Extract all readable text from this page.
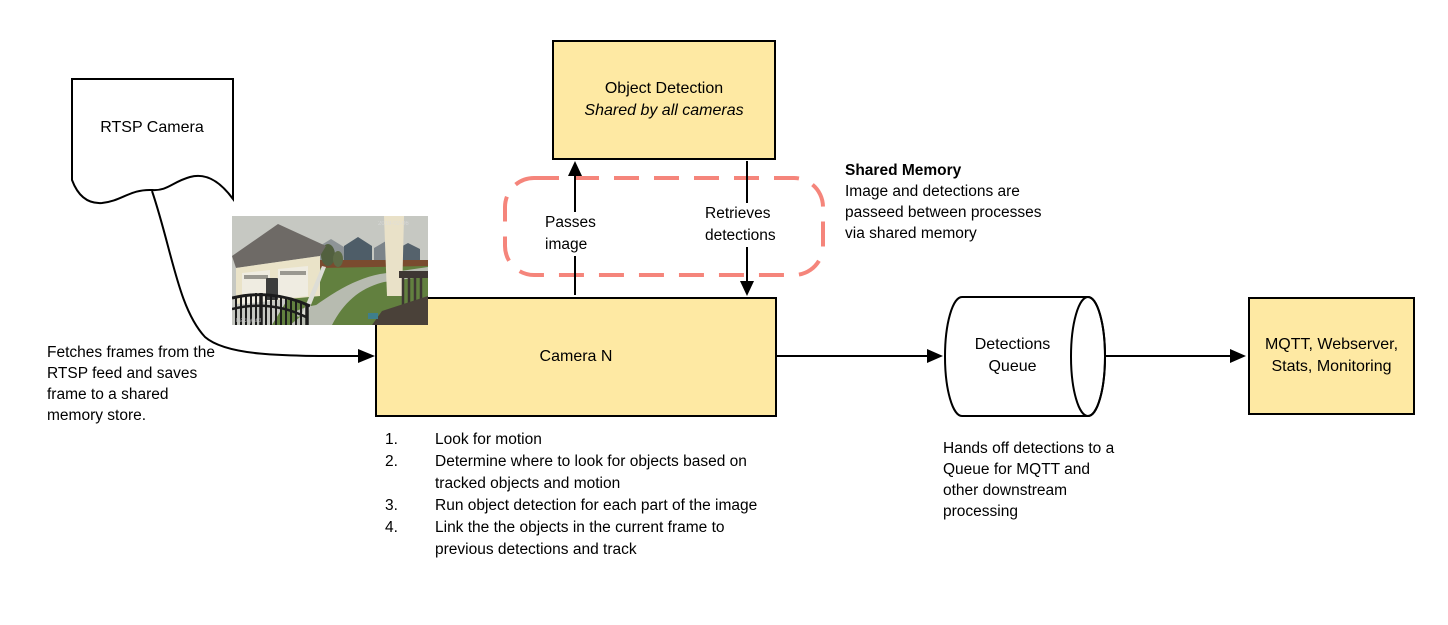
RTSP Camera
Object Detection
Shared by all cameras
Camera N
Detections
Queue
MQTT, Webserver,
Stats, Monitoring
Passes
image
Retrieves
detections
Fetches frames from the RTSP feed and saves frame to a shared memory store.
Shared Memory
Image and detections are passeed between processes via shared memory
Hands off detections to a Queue for MQTT and other downstream processing
1.	Look for motion
2.	Determine where to look for objects based on tracked objects and motion
3.	Run object detection for each part of the image
4.	Link the the objects in the current frame to previous detections and track
Backyard
2019-02-06
